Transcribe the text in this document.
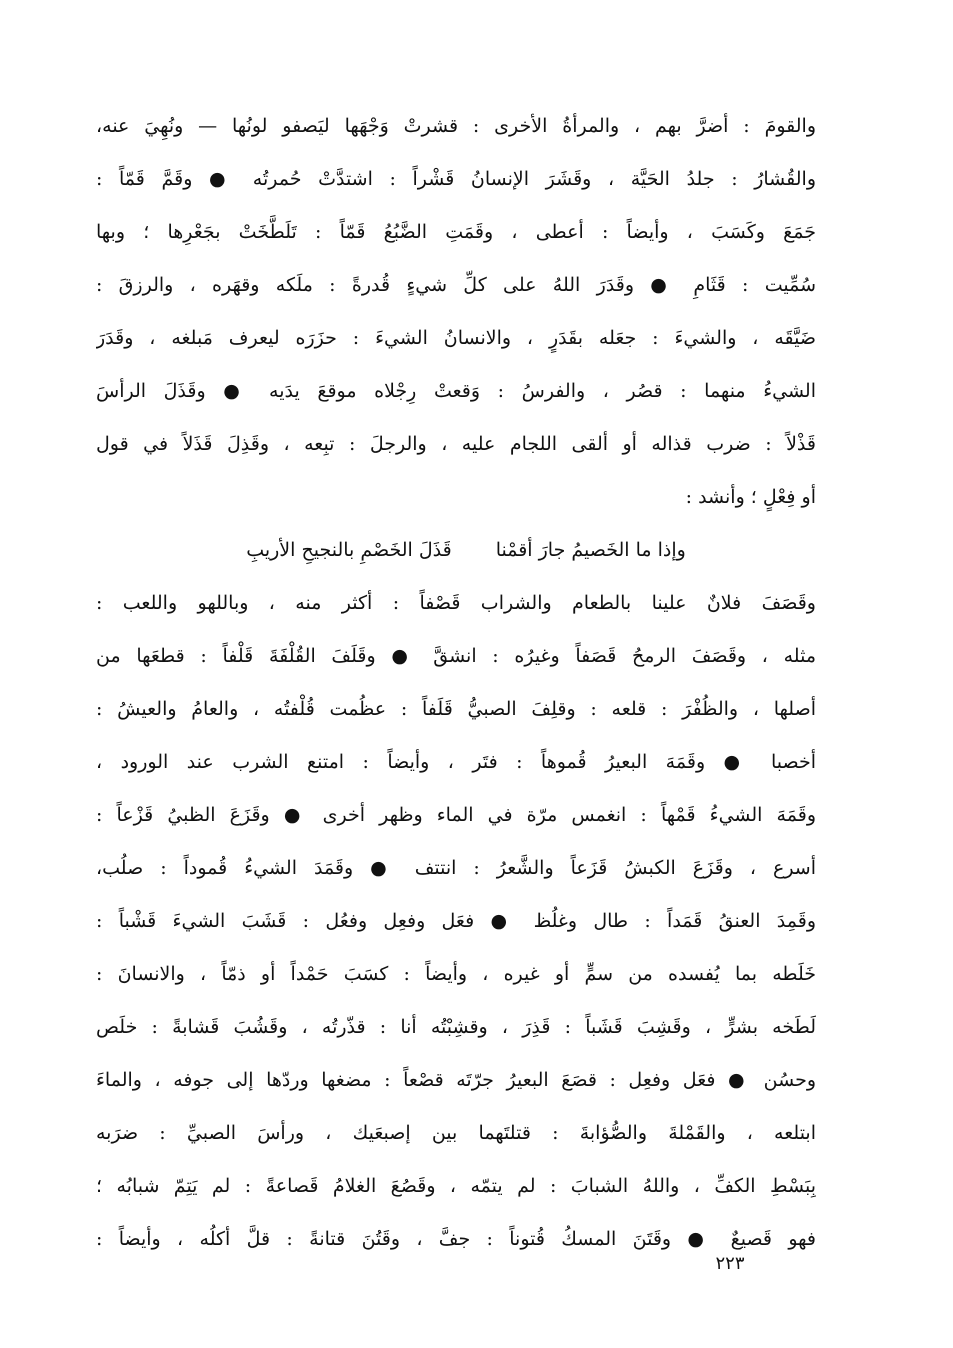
والقومَ : أضرَّ بهم ، والمرأةُ الأخرى : قشرتْ وَجْهَها ليَصفو لونُها — ونُهِيَ عنه،
والقُشارُ : جلدُ الحَيَّة ، وقَشَرَ الإنسانُ قَشْراً : اشتدَّتْ حُمرتُه ● وقَمَّ قَمّاً :
جَمَعَ وكَسَبَ ، وأيضاً : أعطى ، وقَمَتِ الضَّبُعُ قَمّاً : تَلَطَّخَتْ بجَعْرِها ؛ وبها
سُمِّيت : قَثَامِ ● وقَدَرَ اللهُ على كلِّ شيءٍ قُدرةً : ملَكه وقهَره ، والرزقَ :
ضَيَّقَه ، والشيءَ : جعَله بقَدَرٍ ، والانسانُ الشيءَ : حزَرَه ليعرف مَبلغه ، وقَدَرَ
الشيءُ منهما : قصُر ، والفرسُ : وَقعتْ رِجْلاه موقعَ يدَيه ● وقَذَلَ الرأسَ
قَذْلاً : ضرب قذاله أو ألقى اللجام عليه ، والرجلَ : تبِعه ، وقَذِلَ قَذَلاً في قول
أو فِعْلٍ ؛ وأنشد :
وإذا ما الخَصيمُ جارَ أقمْنا
قَذَلَ الخَصْمِ بالنجيحِ الأريبِ
وقَصَفَ فلانٌ علينا بالطعام والشراب قَصْفاً : أكثر منه ، وباللهو واللعب :
مثله ، وقَصَفَ الرمحُ قَصَفاً وغيرُه : انشقَّ ● وقَلَفَ القُلْفَةَ قَلْفاً : قطعَها من
أصلها ، والظُفْرَ : قلعه : وقلِفَ الصبيُّ قَلَفاً : عظُمت قُلْفتُه ، والعامُ والعيشُ :
أخصبا ● وقَمَهَ البعيرُ قُموهاً : فتَر ، وأيضاً : امتنع الشرب عند الورود ،
وقَمَهَ الشيءُ قَمْهاً : انغمس مرّة في الماء وظهر أخرى ● وقَزَعَ الظبيُ قَزْعاً :
أسرع ، وقَزَعَ الكبشُ قَزَعاً والشَّعرُ : انتتف ● وقَمَدَ الشيءُ قُموداً : صلُب،
وقَمِدَ العنقُ قَمَداً : طال وغلُظ ● فعَل وفعِل وفعُل : قَشَبَ الشيءَ قَشْباً :
خَلَطه بما يُفسده من سمٍّ أو غيره ، وأيضاً : كسَبَ حَمْداً أو ذمّاً ، والانسانَ :
لَطَخه بشرٍّ ، وقَشِبَ قَشَباً : قَذِرَ ، وقشِبْتُه أنا : قذّرتُه ، وقَشُبَ قَشابةً : خلَص
وحسُن ● فعَل وفعِل : قصَعَ البعيرُ جرّتَه قصْعاً : مضغها وردّها إلى جوفه ، والماءَ
ابتلعه ، والقَمْلةَ والصُّؤابةَ : قتلتَهما بين إصبعَيك ، ورأسَ الصبيِّ : ضرَبه
بِبَسْطِ الكفِّ ، واللهُ الشبابَ : لم يتمّه ، وقَصُعَ الغلامُ قَصاعةً : لم يَتِمّ شبابُه ؛
فهو قَصيعٌ ● وقَتَنَ المسكُ قُتوناً : جفَّ ، وقَتُنَ قتانةً : قلَّ أكلُه ، وأيضاً :
٢٢٣
